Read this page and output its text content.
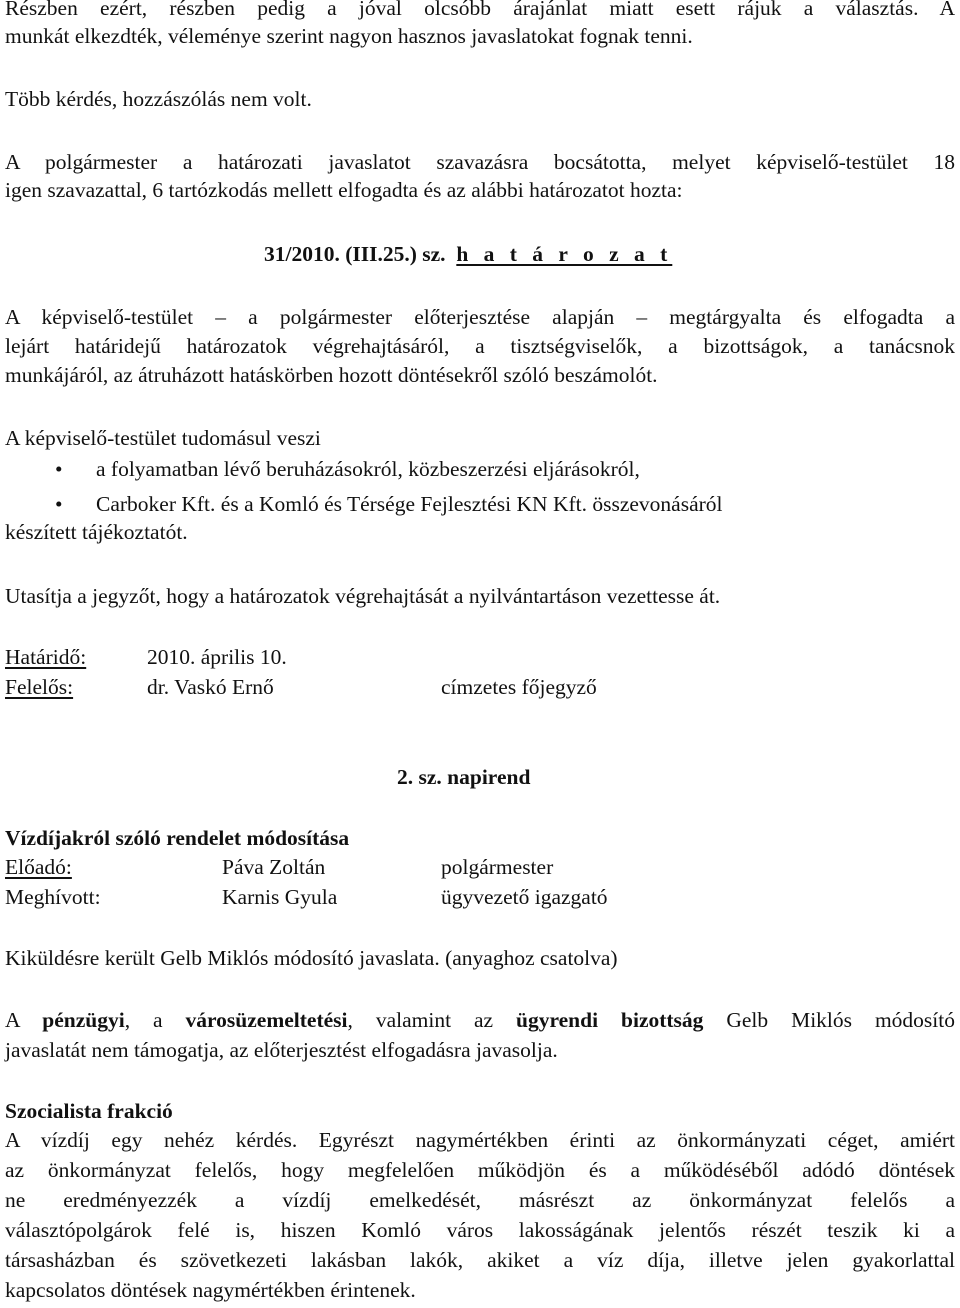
Részben ezért, részben pedig a jóval olcsóbb árajánlat miatt esett rájuk a választás. A
munkát elkezdték, véleménye szerint nagyon hasznos javaslatokat fognak tenni.
Több kérdés, hozzászólás nem volt.
A polgármester a határozati javaslatot szavazásra bocsátotta, melyet képviselő-testület 18
igen szavazattal, 6 tartózkodás mellett elfogadta és az alábbi határozatot hozta:
31/2010. (III.25.) sz. h a t á r o z a t
A képviselő-testület – a polgármester előterjesztése alapján – megtárgyalta és elfogadta a
lejárt határidejű határozatok végrehajtásáról, a tisztségviselők, a bizottságok, a tanácsnok
munkájáról, az átruházott hatáskörben hozott döntésekről szóló beszámolót.
A képviselő-testület tudomásul veszi
• a folyamatban lévő beruházásokról, közbeszerzési eljárásokról,
• Carboker Kft. és a Komló és Térsége Fejlesztési KN Kft. összevonásáról
készített tájékoztatót.
Utasítja a jegyzőt, hogy a határozatok végrehajtását a nyilvántartáson vezettesse át.
Határidő:	2010. április 10.
Felelős:	dr. Vaskó Ernő	címzetes főjegyző
2. sz. napirend
Vízdíjakról szóló rendelet módosítása
Előadó:	Páva Zoltán	polgármester
Meghívott:	Karnis Gyula	ügyvezető igazgató
Kiküldésre került Gelb Miklós módosító javaslata. (anyaghoz csatolva)
A pénzügyi, a városüzemeltetési, valamint az ügyrendi bizottság Gelb Miklós módosító
javaslatát nem támogatja, az előterjesztést elfogadásra javasolja.
Szocialista frakció
A vízdíj egy nehéz kérdés. Egyrészt nagymértékben érinti az önkormányzati céget, amiért
az önkormányzat felelős, hogy megfelelően működjön és a működéséből adódó döntések
ne eredményezzék a vízdíj emelkedését, másrészt az önkormányzat felelős a
választópolgárok felé is, hiszen Komló város lakosságának jelentős részét teszik ki a
társasházban és szövetkezeti lakásban lakók, akiket a víz díja, illetve jelen gyakorlattal
kapcsolatos döntések nagymértékben érintenek.
